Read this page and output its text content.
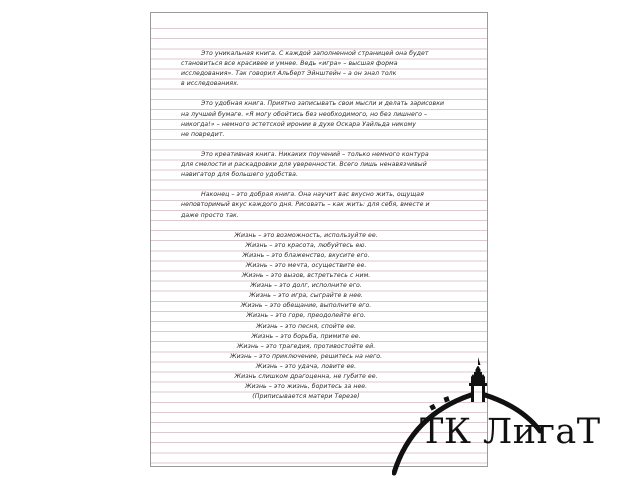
Это уникальная книга. С каждой заполненной страницей она будет
становиться все красивее и умнее. Ведь «игра» – высшая форма
исследования». Так говорил Альберт Эйнштейн – а он знал толк
в исследованиях.

Это удобная книга. Приятно записывать свои мысли и делать зарисовки
на лучшей бумаге. «Я могу обойтись без необходимого, но без лишнего –
никогда!» – немного эстетской иронии в духе Оскара Уайльда никому
не повредит.

Это креативная книга. Никаких поучений – только немного контура
для смелости и раскадровки для уверенности. Всего лишь ненавязчивый
навигатор для большего удобства.

Наконец – это добрая книга. Она научит вас вкусно жить, ощущая
неповторимый вкус каждого дня. Рисовать – как жить: для себя, вместе и
даже просто так.

Жизнь – это возможность, используйте ее.
Жизнь – это красота, любуйтесь ею.
Жизнь – это блаженство, вкусите его.
Жизнь – это мечта, осуществите ее.
Жизнь – это вызов, встретьтесь с ним.
Жизнь – это долг, исполните его.
Жизнь – это игра, сыграйте в нее.
Жизнь – это обещание, выполните его.
Жизнь – это горе, преодолейте его.
Жизнь – это песня, спойте ее.
Жизнь – это борьба, примите ее.
Жизнь – это трагедия, противостойте ей.
Жизнь – это приключение, решитесь на него.
Жизнь – это удача, ловите ее.
Жизнь слишком драгоценна, не губите ее.
Жизнь – это жизнь, боритесь за нее.
(Приписывается матери Терезе)
ТК ЛигаТ
